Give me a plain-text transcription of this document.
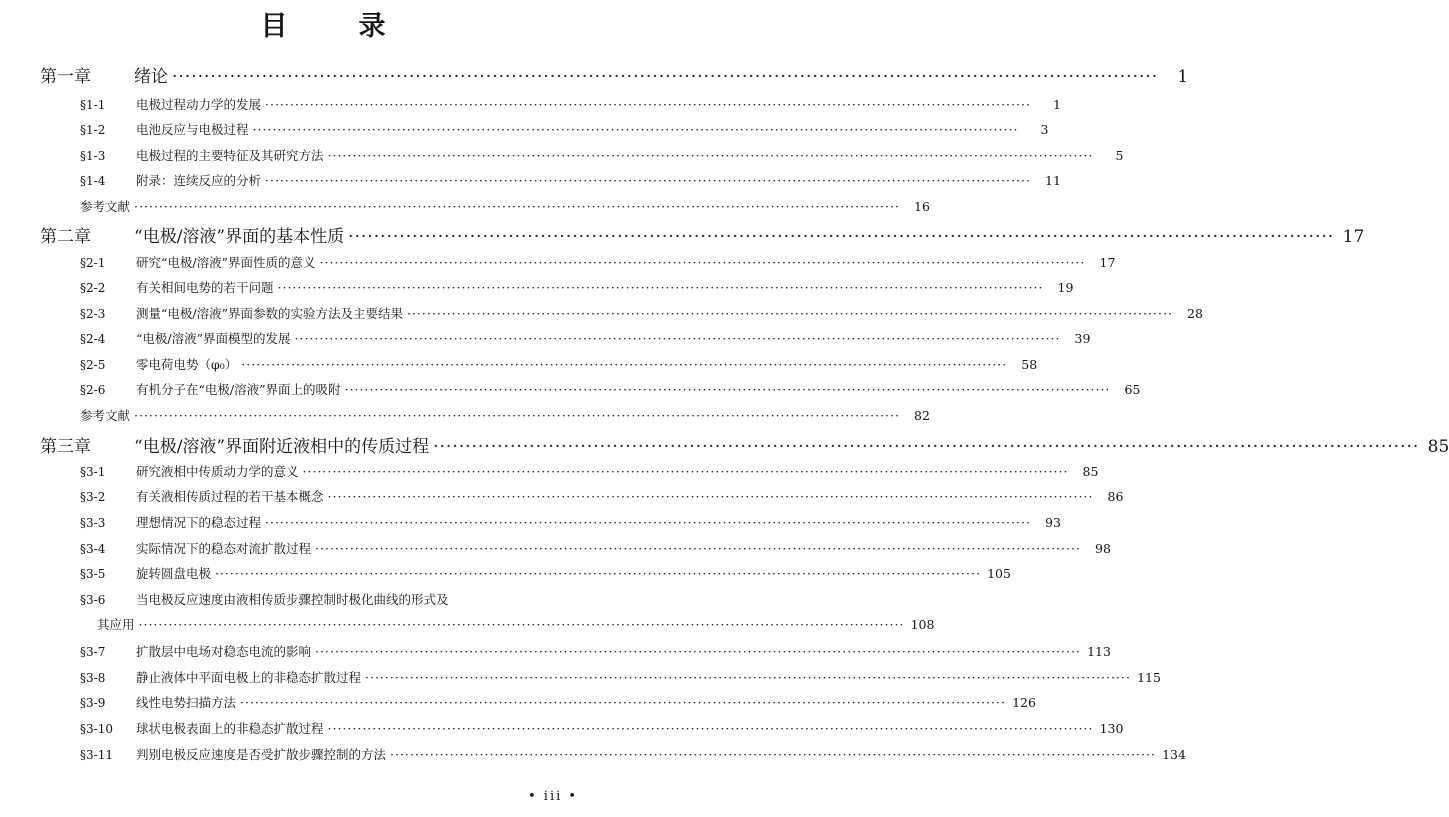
目	录
第一章	绪论 ··························································································································································	1
§1-1	电极过程动力学的发展 ··························································································································································	1
§1-2	电池反应与电极过程 ··························································································································································	3
§1-3	电极过程的主要特征及其研究方法 ··························································································································································	5
§1-4	附录：连续反应的分析 ··························································································································································	11
参考文献 ··························································································································································	16
第二章	“电极/溶液”界面的基本性质 ·························································································································································· 17
§2-1	研究“电极/溶液”界面性质的意义 ··························································································································································	17
§2-2	有关相间电势的若干问题 ··························································································································································	19
§2-3	测量“电极/溶液”界面参数的实验方法及主要结果 ··························································································································································	28
§2-4	“电极/溶液”界面模型的发展 ··························································································································································	39
§2-5	零电荷电势（φ₀） ··························································································································································	58
§2-6	有机分子在“电极/溶液”界面上的吸附 ··························································································································································	65
参考文献 ··························································································································································	82
第三章	“电极/溶液”界面附近液相中的传质过程 ·························································································································································· 85
§3-1	研究液相中传质动力学的意义 ··························································································································································	85
§3-2	有关液相传质过程的若干基本概念 ··························································································································································	86
§3-3	理想情况下的稳态过程 ··························································································································································	93
§3-4	实际情况下的稳态对流扩散过程 ··························································································································································	98
§3-5	旋转圆盘电极 ·························································································································································· 105
§3-6	当电极反应速度由液相传质步骤控制时极化曲线的形式及
其应用 ·························································································································································· 108
§3-7	扩散层中电场对稳态电流的影响 ·························································································································································· 113
§3-8	静止液体中平面电极上的非稳态扩散过程 ·························································································································································· 115
§3-9	线性电势扫描方法 ·························································································································································· 126
§3-10	球状电极表面上的非稳态扩散过程 ·························································································································································· 130
§3-11	判别电极反应速度是否受扩散步骤控制的方法 ·························································································································································· 134
• iii •
